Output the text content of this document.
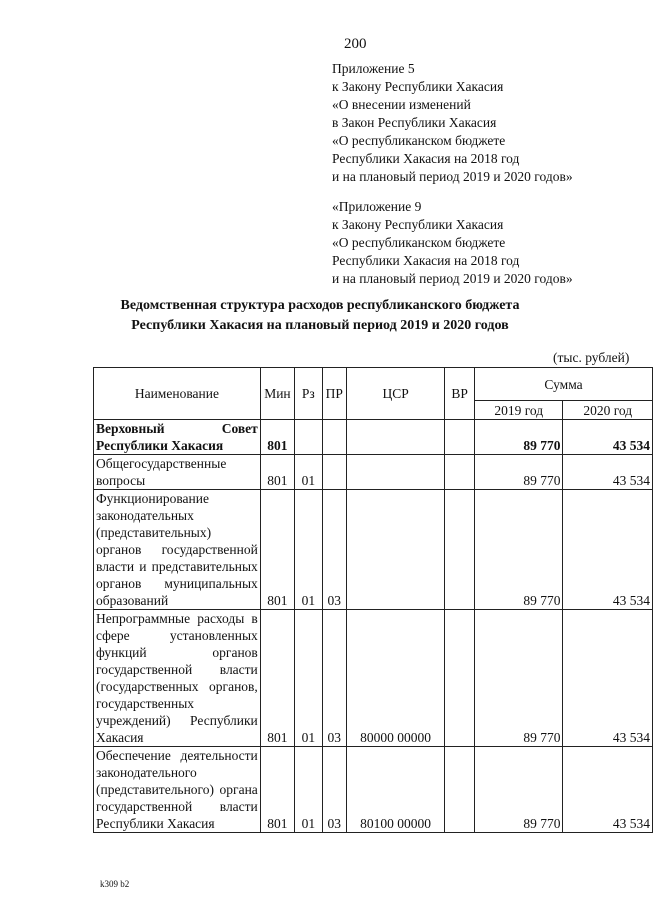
200
Приложение 5
к Закону Республики Хакасия
«О внесении изменений
в Закон Республики Хакасия
«О республиканском бюджете
Республики Хакасия на 2018 год
и на плановый период 2019 и 2020 годов»
«Приложение 9
к Закону Республики Хакасия
«О республиканском бюджете
Республики Хакасия на 2018 год
и на плановый период 2019 и 2020 годов»
Ведомственная структура расходов республиканского бюджета
Республики Хакасия на плановый период 2019 и 2020 годов
(тыс. рублей)
Наименование	Мин	Рз	ПР	ЦСР	ВР	Сумма	
						2019 год	2020 год
Верховный Совет Республики Хакасия	801					89 770	43 534
Общегосударственные вопросы	801	01				89 770	43 534
Функционирование законодательных (представительных) органов государственной власти и представительных органов муниципальных образований	801	01	03			89 770	43 534
Непрограммные расходы в сфере установленных функций органов государственной власти (государственных органов, государственных учреждений) Республики Хакасия	801	01	03	80000 00000		89 770	43 534
Обеспечение деятельности законодательного (представительного) органа государственной власти Республики Хакасия	801	01	03	80100 00000		89 770	43 534
k309 b2
